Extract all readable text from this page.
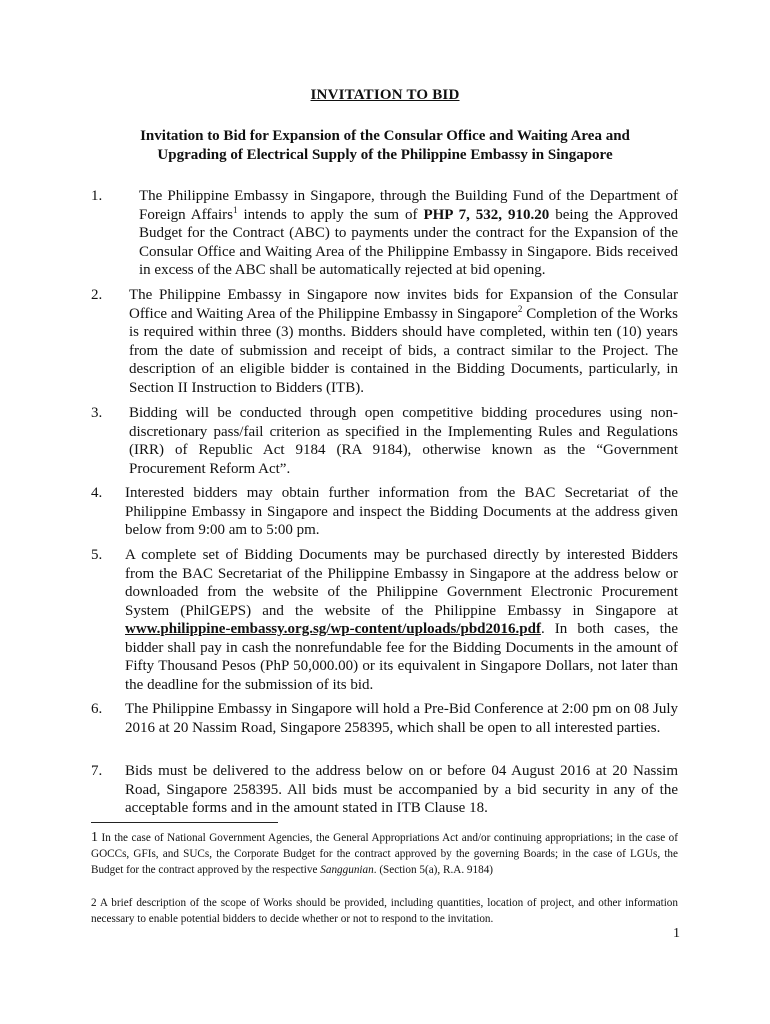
INVITATION TO BID
Invitation to Bid for Expansion of the Consular Office and Waiting Area and
Upgrading of Electrical Supply of the Philippine Embassy in Singapore
1. The Philippine Embassy in Singapore, through the Building Fund of the Department of Foreign Affairs$^1$ intends to apply the sum of PHP 7, 532, 910.20 being the Approved Budget for the Contract (ABC) to payments under the contract for the Expansion of the Consular Office and Waiting Area of the Philippine Embassy in Singapore. Bids received in excess of the ABC shall be automatically rejected at bid opening.
2. The Philippine Embassy in Singapore now invites bids for Expansion of the Consular Office and Waiting Area of the Philippine Embassy in Singapore$^2$ Completion of the Works is required within three (3) months. Bidders should have completed, within ten (10) years from the date of submission and receipt of bids, a contract similar to the Project. The description of an eligible bidder is contained in the Bidding Documents, particularly, in Section II Instruction to Bidders (ITB).
3. Bidding will be conducted through open competitive bidding procedures using non-discretionary pass/fail criterion as specified in the Implementing Rules and Regulations (IRR) of Republic Act 9184 (RA 9184), otherwise known as the “Government Procurement Reform Act”.
4. Interested bidders may obtain further information from the BAC Secretariat of the Philippine Embassy in Singapore and inspect the Bidding Documents at the address given below from 9:00 am to 5:00 pm.
5. A complete set of Bidding Documents may be purchased directly by interested Bidders from the BAC Secretariat of the Philippine Embassy in Singapore at the address below or downloaded from the website of the Philippine Government Electronic Procurement System (PhilGEPS) and the website of the Philippine Embassy in Singapore at www.philippine-embassy.org.sg/wp-content/uploads/pbd2016.pdf. In both cases, the bidder shall pay in cash the nonrefundable fee for the Bidding Documents in the amount of Fifty Thousand Pesos (PhP 50,000.00) or its equivalent in Singapore Dollars, not later than the deadline for the submission of its bid.
6. The Philippine Embassy in Singapore will hold a Pre-Bid Conference at 2:00 pm on 08 July 2016 at 20 Nassim Road, Singapore 258395, which shall be open to all interested parties.
7. Bids must be delivered to the address below on or before 04 August 2016 at 20 Nassim Road, Singapore 258395. All bids must be accompanied by a bid security in any of the acceptable forms and in the amount stated in ITB Clause 18.
1 In the case of National Government Agencies, the General Appropriations Act and/or continuing appropriations; in the case of GOCCs, GFIs, and SUCs, the Corporate Budget for the contract approved by the governing Boards; in the case of LGUs, the Budget for the contract approved by the respective Sanggunian. (Section 5(a), R.A. 9184)
2 A brief description of the scope of Works should be provided, including quantities, location of project, and other information necessary to enable potential bidders to decide whether or not to respond to the invitation.
1
